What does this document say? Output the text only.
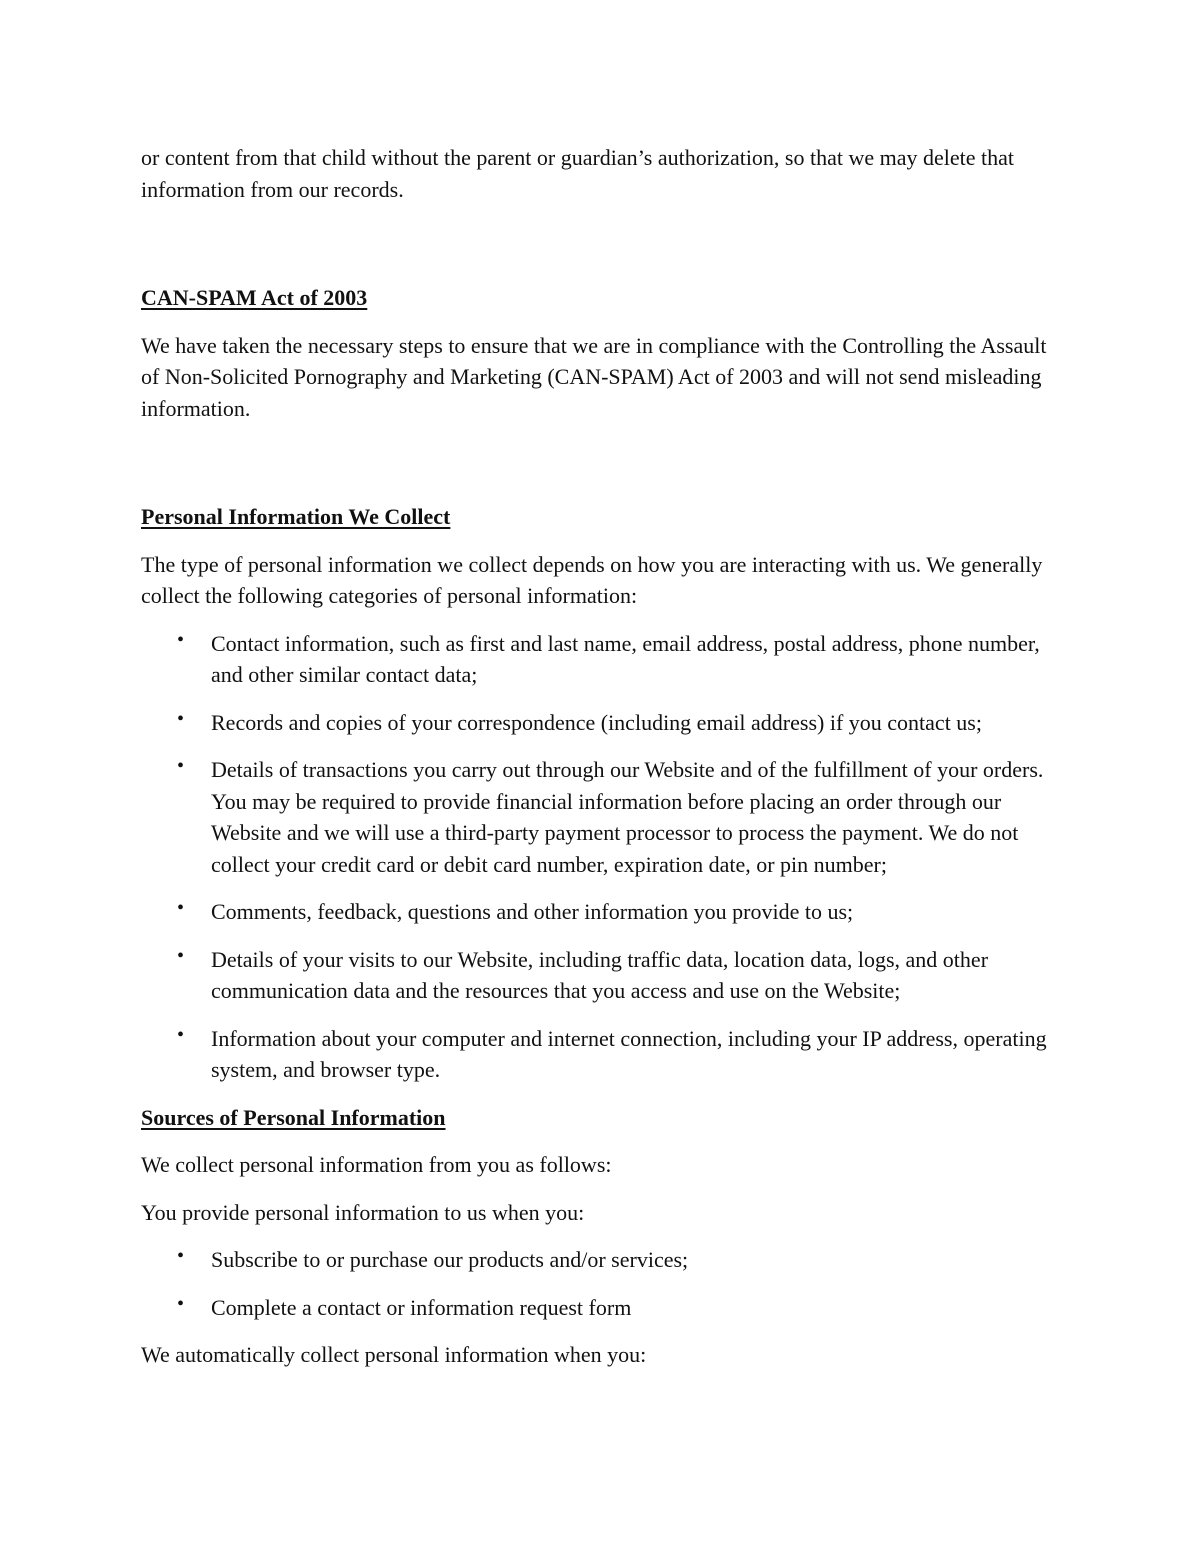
or content from that child without the parent or guardian’s authorization, so that we may delete that information from our records.

CAN-SPAM Act of 2003

We have taken the necessary steps to ensure that we are in compliance with the Controlling the Assault of Non-Solicited Pornography and Marketing (CAN-SPAM) Act of 2003 and will not send misleading information.

Personal Information We Collect

The type of personal information we collect depends on how you are interacting with us. We generally collect the following categories of personal information:

• Contact information, such as first and last name, email address, postal address, phone number, and other similar contact data;
• Records and copies of your correspondence (including email address) if you contact us;
• Details of transactions you carry out through our Website and of the fulfillment of your orders. You may be required to provide financial information before placing an order through our Website and we will use a third-party payment processor to process the payment. We do not collect your credit card or debit card number, expiration date, or pin number;
• Comments, feedback, questions and other information you provide to us;
• Details of your visits to our Website, including traffic data, location data, logs, and other communication data and the resources that you access and use on the Website;
• Information about your computer and internet connection, including your IP address, operating system, and browser type.

Sources of Personal Information

We collect personal information from you as follows:

You provide personal information to us when you:

• Subscribe to or purchase our products and/or services;
• Complete a contact or information request form

We automatically collect personal information when you:
